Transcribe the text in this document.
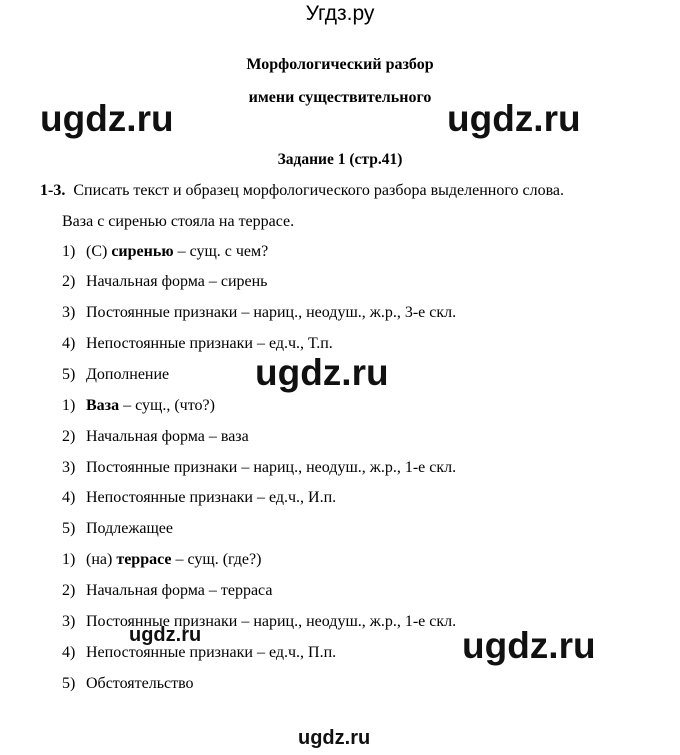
Угдз.ру
Морфологический разбор
имени существительного
Задание 1 (стр.41)
1-3. Списать текст и образец морфологического разбора выделенного слова.
Ваза с сиренью стояла на террасе.
1) (С) сиренью – сущ. с чем?
2) Начальная форма – сирень
3) Постоянные признаки – нариц., неодуш., ж.р., 3-е скл.
4) Непостоянные признаки – ед.ч., Т.п.
5) Дополнение
1) Ваза – сущ., (что?)
2) Начальная форма – ваза
3) Постоянные признаки – нариц., неодуш., ж.р., 1-е скл.
4) Непостоянные признаки – ед.ч., И.п.
5) Подлежащее
1) (на) террасе – сущ. (где?)
2) Начальная форма – терраса
3) Постоянные признаки – нариц., неодуш., ж.р., 1-е скл.
4) Непостоянные признаки – ед.ч., П.п.
5) Обстоятельство
ugdz.ru	ugdz.ru
ugdz.ru
ugdz.ru
ugdz.ru
ugdz.ru
